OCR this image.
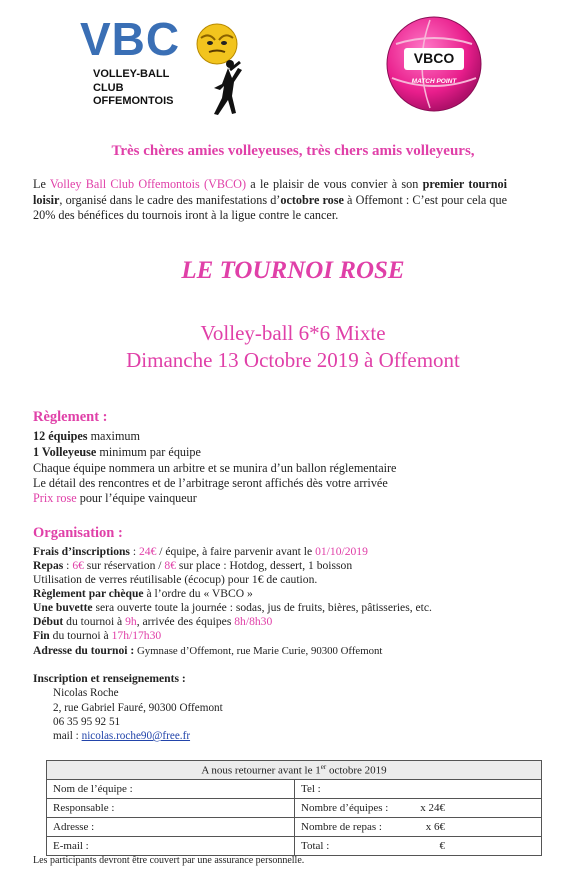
VBC
VOLLEY-BALL
CLUB
OFFEMONTOIS
VBCO
MATCH POINT
Très chères amies volleyeuses, très chers amis volleyeurs,
Le Volley Ball Club Offemontois (VBCO) a le plaisir de vous convier à son premier tournoi loisir, organisé dans le cadre des manifestations d’octobre rose à Offemont : C’est pour cela que 20% des bénéfices du tournois iront à la ligue contre le cancer.
LE TOURNOI ROSE
Volley-ball 6*6 Mixte
Dimanche 13 Octobre 2019 à Offemont
Règlement :
12 équipes maximum
1 Volleyeuse minimum par équipe
Chaque équipe nommera un arbitre et se munira d’un ballon réglementaire
Le détail des rencontres et de l’arbitrage seront affichés dès votre arrivée
Prix rose pour l’équipe vainqueur
Organisation :
Frais d’inscriptions : 24€ / équipe, à faire parvenir avant le 01/10/2019
Repas : 6€ sur réservation / 8€ sur place : Hotdog, dessert, 1 boisson
Utilisation de verres réutilisable (écocup) pour 1€ de caution.
Règlement par chèque à l’ordre du « VBCO »
Une buvette sera ouverte toute la journée : sodas, jus de fruits, bières, pâtisseries, etc.
Début du tournoi à 9h, arrivée des équipes 8h/8h30
Fin du tournoi à 17h/17h30
Adresse du tournoi : Gymnase d’Offemont, rue Marie Curie, 90300 Offemont
Inscription et renseignements :
Nicolas Roche
2, rue Gabriel Fauré, 90300 Offemont
06 35 95 92 51
mail : nicolas.roche90@free.fr
A nous retourner avant le 1er octobre 2019	
Nom de l’équipe :	Tel :
Responsable :	Nombre d’équipes : x 24€

Adresse :	Nombre de repas : x 6€

E-mail :	Total : €
Les participants devront être couvert par une assurance personnelle.
